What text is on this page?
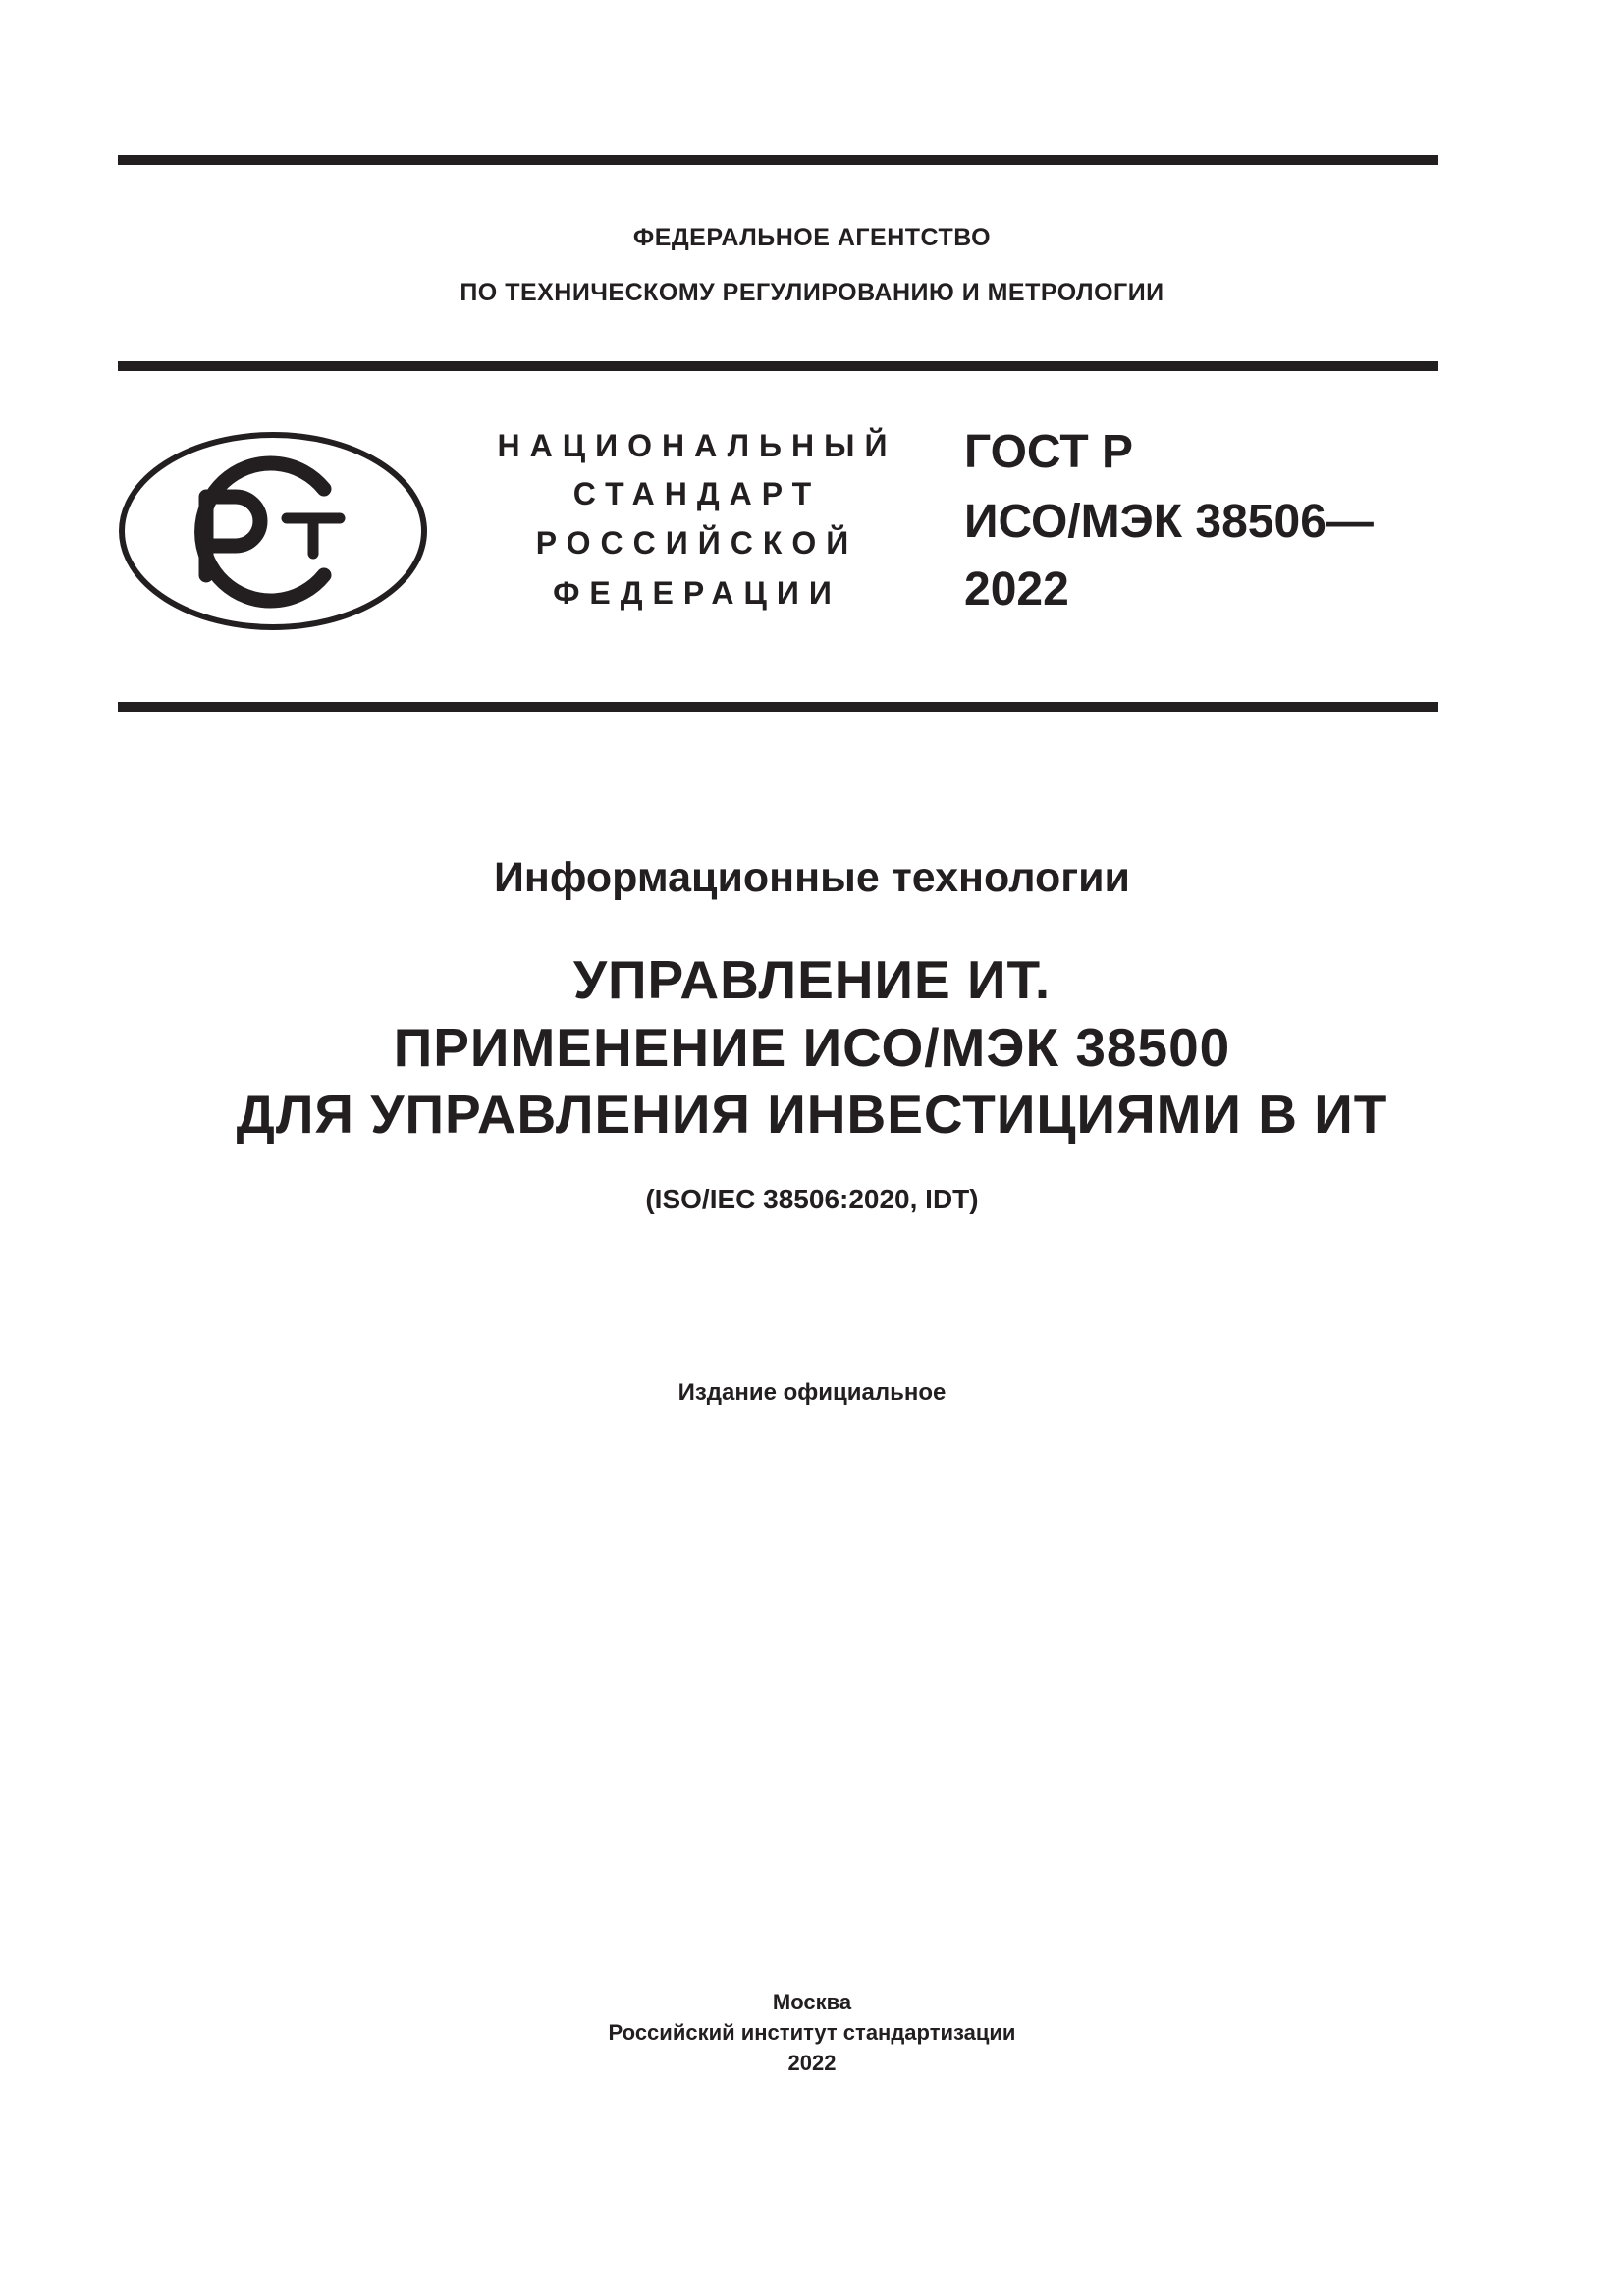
ФЕДЕРАЛЬНОЕ АГЕНТСТВО
ПО ТЕХНИЧЕСКОМУ РЕГУЛИРОВАНИЮ И МЕТРОЛОГИИ
НАЦИОНАЛЬНЫЙ
СТАНДАРТ
РОССИЙСКОЙ
ФЕДЕРАЦИИ
ГОСТ Р
ИСО/МЭК 38506—
2022
Информационные технологии
УПРАВЛЕНИЕ ИТ.
ПРИМЕНЕНИЕ ИСО/МЭК 38500
ДЛЯ УПРАВЛЕНИЯ ИНВЕСТИЦИЯМИ В ИТ
(ISO/IEC 38506:2020, IDT)
Издание официальное
Москва
Российский институт стандартизации
2022
